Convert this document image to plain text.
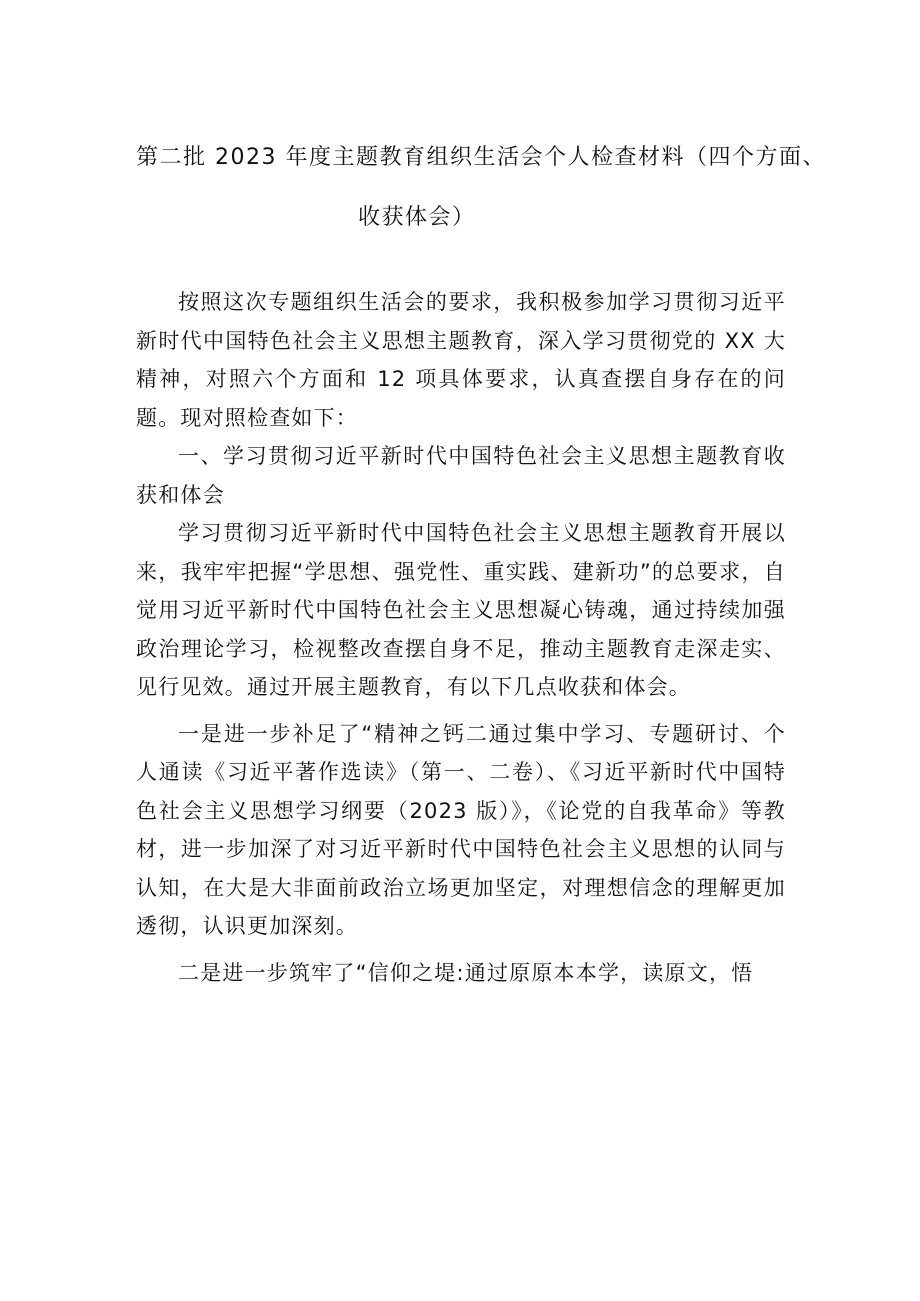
第二批 2023 年度主题教育组织生活会个人检查材料（四个方面、
收获体会）

按照这次专题组织生活会的要求，我积极参加学习贯彻习近平新时代中国特色社会主义思想主题教育，深入学习贯彻党的 XX 大精神，对照六个方面和 12 项具体要求，认真查摆自身存在的问题。现对照检查如下：

一、学习贯彻习近平新时代中国特色社会主义思想主题教育收获和体会

学习贯彻习近平新时代中国特色社会主义思想主题教育开展以来，我牢牢把握“学思想、强党性、重实践、建新功”的总要求，自觉用习近平新时代中国特色社会主义思想凝心铸魂，通过持续加强政治理论学习，检视整改查摆自身不足，推动主题教育走深走实、见行见效。通过开展主题教育，有以下几点收获和体会。

一是进一步补足了“精神之钙二通过集中学习、专题研讨、个人通读《习近平著作选读》（第一、二卷）、《习近平新时代中国特色社会主义思想学习纲要（2023 版）》，《论党的自我革命》等教材，进一步加深了对习近平新时代中国特色社会主义思想的认同与认知，在大是大非面前政治立场更加坚定，对理想信念的理解更加透彻，认识更加深刻。

二是进一步筑牢了“信仰之堤:通过原原本本学，读原文，悟
